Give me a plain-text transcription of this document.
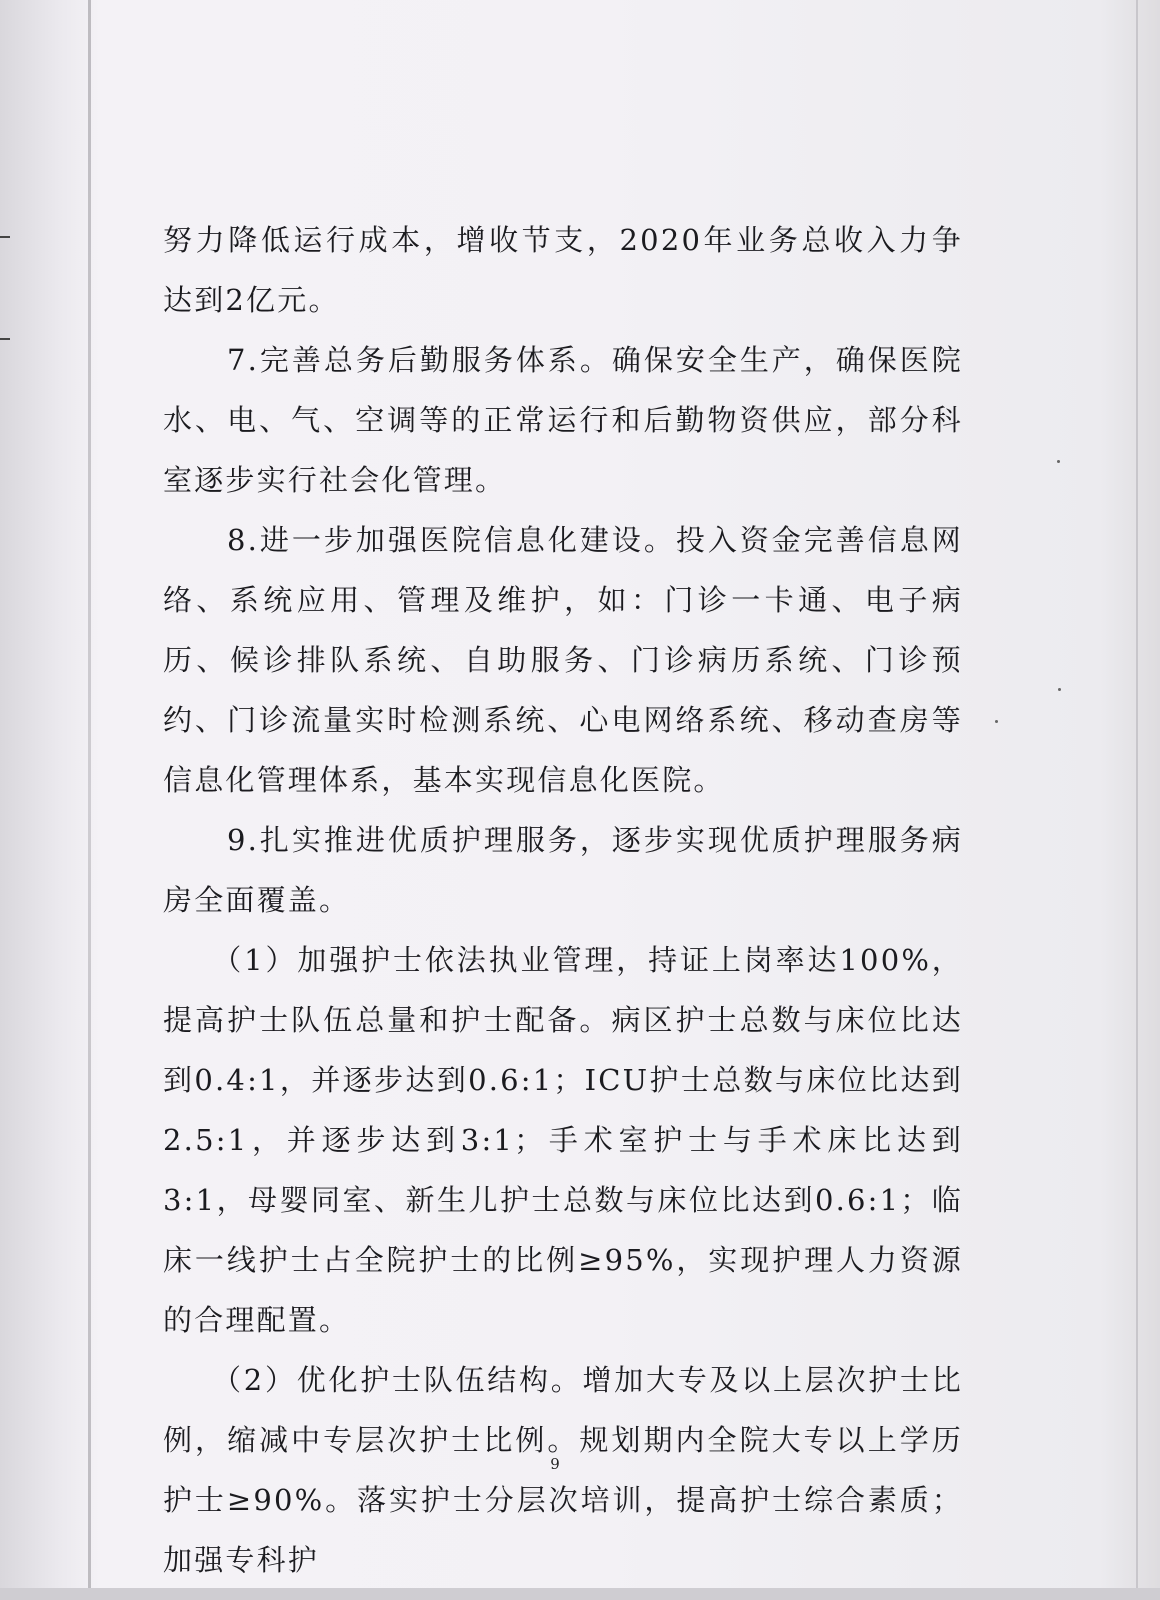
努力降低运行成本，增收节支，2020年业务总收入力争达到2亿元。

　　7.完善总务后勤服务体系。确保安全生产，确保医院水、电、气、空调等的正常运行和后勤物资供应，部分科室逐步实行社会化管理。

　　8.进一步加强医院信息化建设。投入资金完善信息网络、系统应用、管理及维护，如：门诊一卡通、电子病历、候诊排队系统、自助服务、门诊病历系统、门诊预约、门诊流量实时检测系统、心电网络系统、移动查房等信息化管理体系，基本实现信息化医院。

　　9.扎实推进优质护理服务，逐步实现优质护理服务病房全面覆盖。

　　（1）加强护士依法执业管理，持证上岗率达100%，提高护士队伍总量和护士配备。病区护士总数与床位比达到0.4:1，并逐步达到0.6:1；ICU护士总数与床位比达到2.5:1，并逐步达到3:1；手术室护士与手术床比达到3:1，母婴同室、新生儿护士总数与床位比达到0.6:1；临床一线护士占全院护士的比例≥95%，实现护理人力资源的合理配置。

　　（2）优化护士队伍结构。增加大专及以上层次护士比例，缩减中专层次护士比例。规划期内全院大专以上学历护士≥90%。落实护士分层次培训，提高护士综合素质；加强专科护

9
